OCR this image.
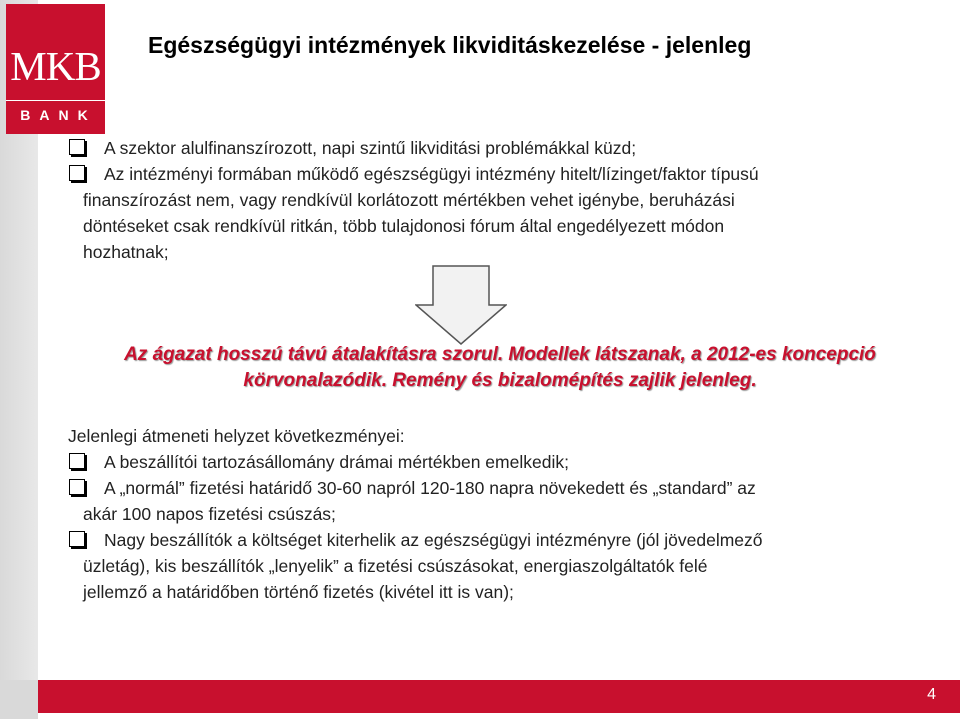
MKB
BANK
Egészségügyi intézmények likviditáskezelése - jelenleg
A szektor alulfinanszírozott, napi szintű likviditási problémákkal küzd;
Az intézményi formában működő egészségügyi intézmény hitelt/lízinget/faktor típusú
finanszírozást nem, vagy rendkívül korlátozott mértékben vehet igénybe, beruházási
döntéseket csak rendkívül ritkán, több tulajdonosi fórum által engedélyezett módon
hozhatnak;
Az ágazat hosszú távú átalakításra szorul. Modellek látszanak, a 2012-es koncepció
körvonalazódik. Remény és bizalomépítés zajlik jelenleg.
Jelenlegi átmeneti helyzet következményei:
A beszállítói tartozásállomány drámai mértékben emelkedik;
A „normál” fizetési határidő 30-60 napról 120-180 napra növekedett és „standard” az
akár 100 napos fizetési csúszás;
Nagy beszállítók a költséget kiterhelik az egészségügyi intézményre (jól jövedelmező
üzletág), kis beszállítók „lenyelik” a fizetési csúszásokat, energiaszolgáltatók felé
jellemző a határidőben történő fizetés (kivétel itt is van);
4
